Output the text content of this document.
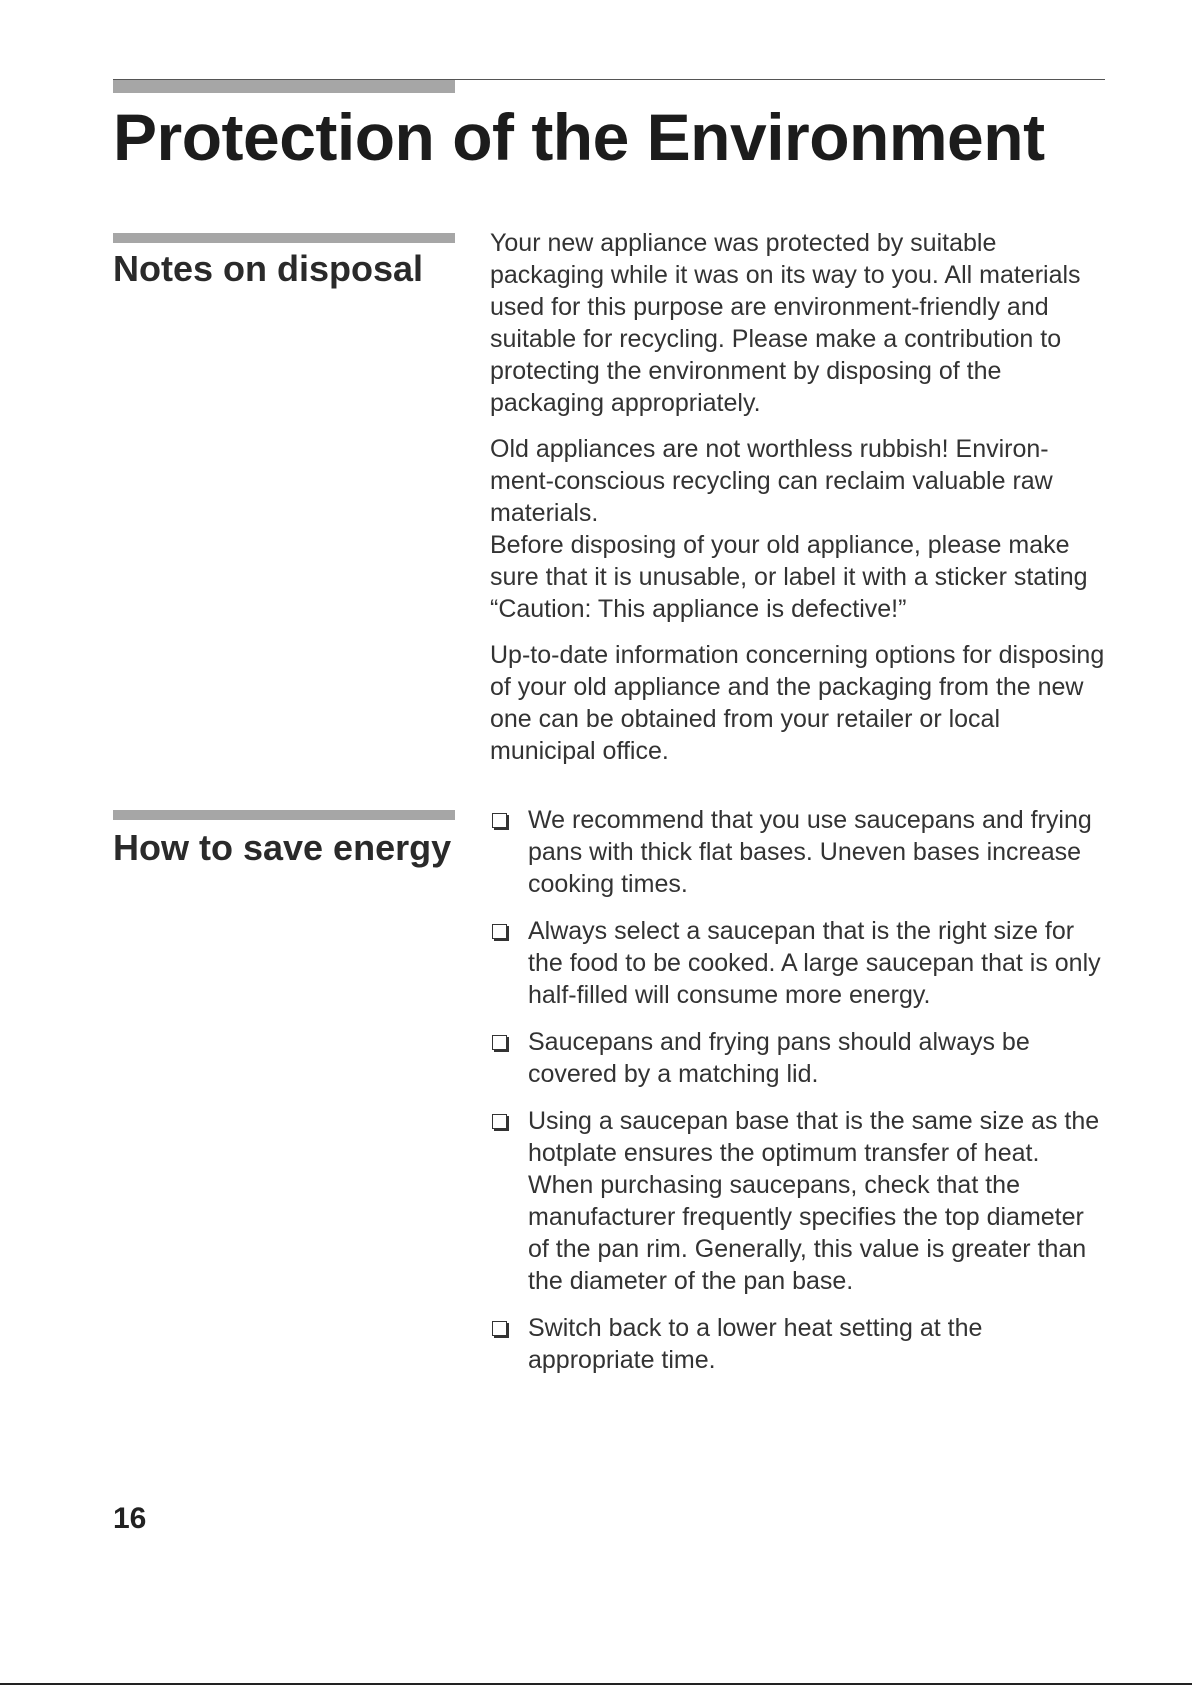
Protection of the Environment
Notes on disposal

Your new appliance was protected by suitable packaging while it was on its way to you. All materials used for this purpose are environment-friendly and suitable for recycling. Please make a contribution to protecting the environment by disposing of the packaging appropriately.

Old appliances are not worthless rubbish! Environ-ment-conscious recycling can reclaim valuable raw materials.

Before disposing of your old appliance, please make sure that it is unusable, or label it with a sticker stating “Caution: This appliance is defective!”

Up-to-date information concerning options for disposing of your old appliance and the packaging from the new one can be obtained from your retailer or local municipal office.

How to save energy
We recommend that you use saucepans and frying pans with thick flat bases. Uneven bases increase cooking times.
Always select a saucepan that is the right size for the food to be cooked. A large saucepan that is only half-filled will consume more energy.
Saucepans and frying pans should always be covered by a matching lid.
Using a saucepan base that is the same size as the hotplate ensures the optimum transfer of heat. When purchasing saucepans, check that the manufacturer frequently specifies the top diameter of the pan rim. Generally, this value is greater than the diameter of the pan base.
Switch back to a lower heat setting at the appropriate time.
16
